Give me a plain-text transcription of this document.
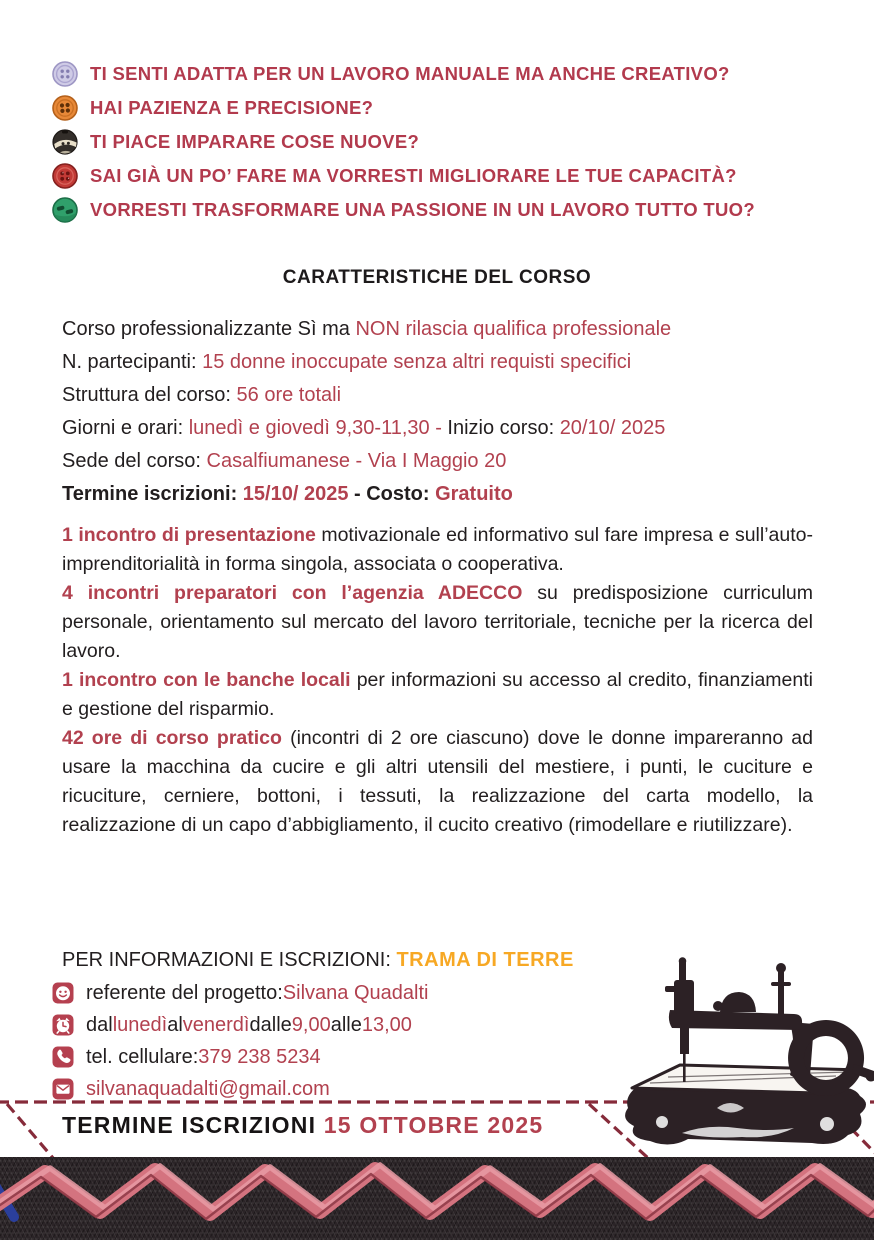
TI SENTI ADATTA PER UN LAVORO MANUALE MA ANCHE CREATIVO?
HAI PAZIENZA E PRECISIONE?
TI PIACE IMPARARE COSE NUOVE?
SAI GIÀ UN PO’ FARE MA VORRESTI MIGLIORARE LE TUE CAPACITÀ?
VORRESTI TRASFORMARE UNA PASSIONE IN UN LAVORO TUTTO TUO?
CARATTERISTICHE DEL CORSO
Corso professionalizzante Sì ma NON rilascia qualifica professionale
N. partecipanti: 15 donne inoccupate senza altri requisti specifici
Struttura del corso: 56 ore totali
Giorni e orari: lunedì e giovedì 9,30-11,30 - Inizio corso: 20/10/ 2025
Sede del corso: Casalfiumanese - Via I Maggio 20
Termine iscrizioni: 15/10/ 2025 - Costo: Gratuito

1 incontro di presentazione motivazionale ed informativo sul fare impresa e sull’auto-imprenditorialità in forma singola, associata o cooperativa.

4 incontri preparatori con l’agenzia ADECCO su predisposizione curriculum personale, orientamento sul mercato del lavoro territoriale, tecniche per la ricerca del lavoro.

1 incontro con le banche locali per informazioni su accesso al credito, finanziamenti e gestione del risparmio.

42 ore di corso pratico (incontri di 2 ore ciascuno) dove le donne impareranno ad usare la macchina da cucire e gli altri utensili del mestiere, i punti, le cuciture e ricuciture, cerniere, bottoni, i tessuti, la realizzazione del carta modello, la realizzazione di un capo d’abbigliamento, il cucito creativo (rimodellare e riutilizzare).

PER INFORMAZIONI E ISCRIZIONI: TRAMA DI TERRE
referente del progetto: Silvana Quadalti
dal lunedì al venerdì dalle 9,00 alle 13,00
tel. cellulare: 379 238 5234
silvanaquadalti@gmail.com
TERMINE ISCRIZIONI 15 OTTOBRE 2025
